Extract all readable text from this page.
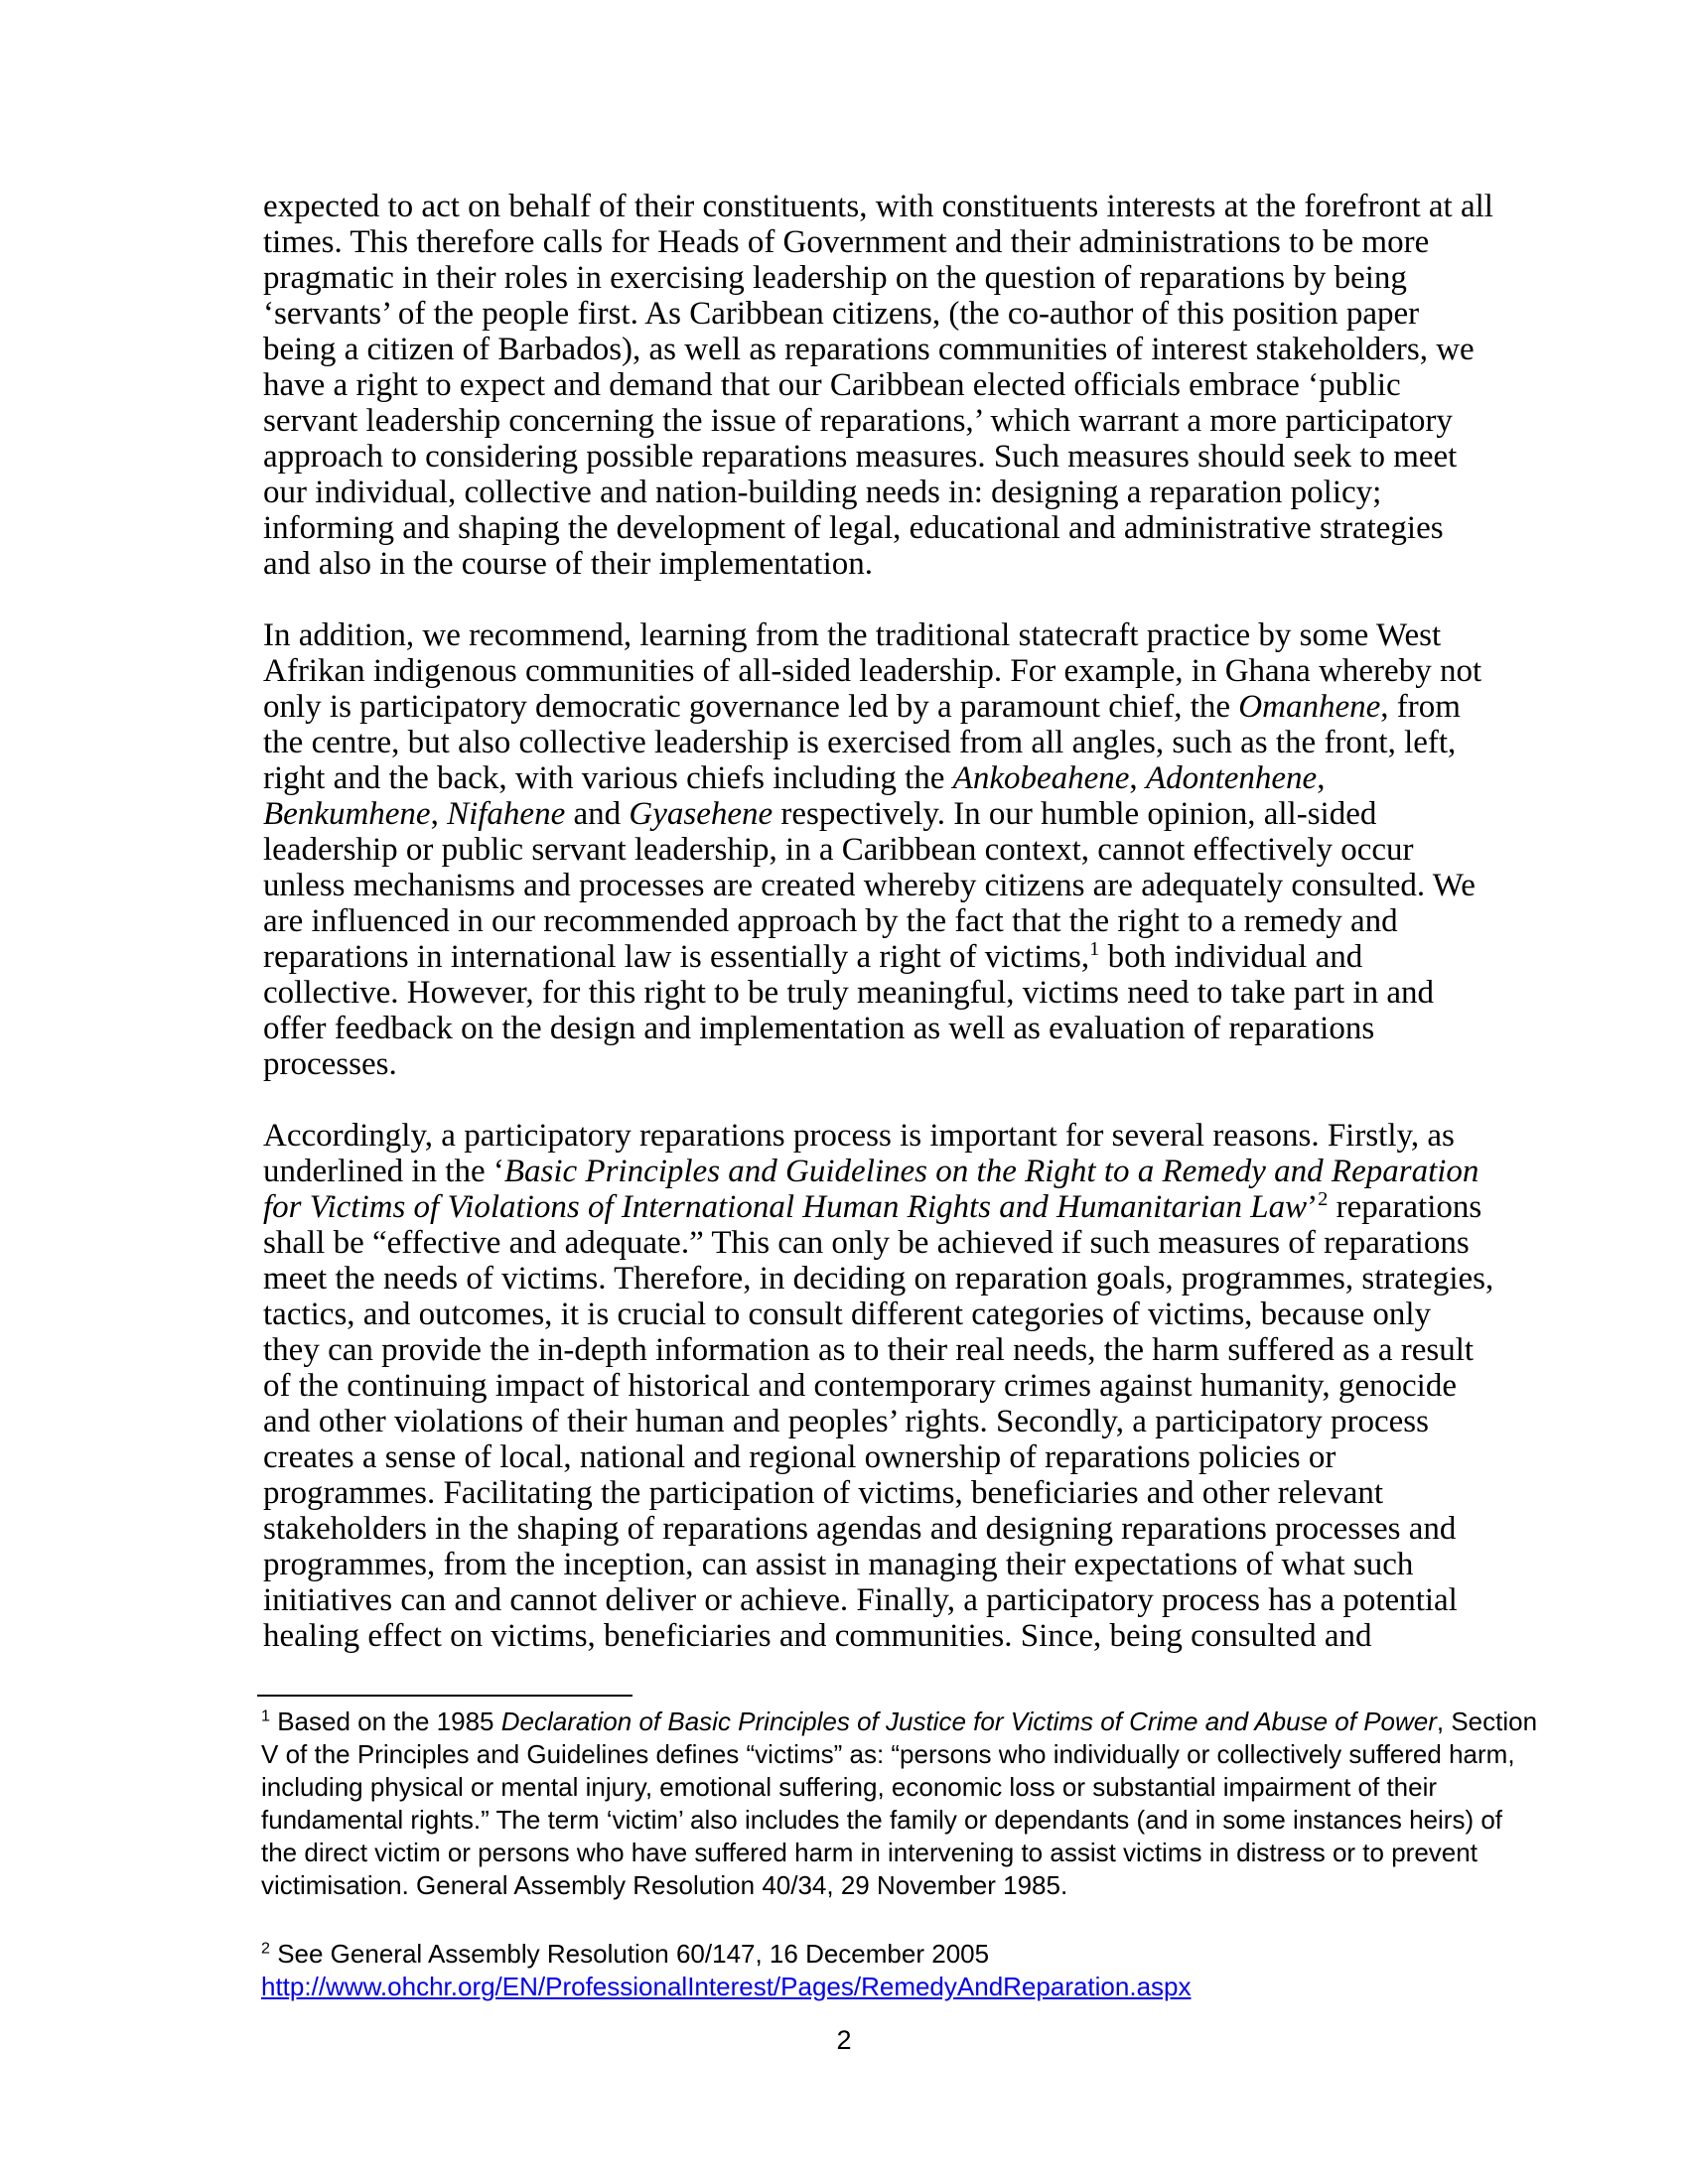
expected to act on behalf of their constituents, with constituents interests at the forefront at all
times. This therefore calls for Heads of Government and their administrations to be more
pragmatic in their roles in exercising leadership on the question of reparations by being
‘servants’ of the people first. As Caribbean citizens, (the co-author of this position paper
being a citizen of Barbados), as well as reparations communities of interest stakeholders, we
have a right to expect and demand that our Caribbean elected officials embrace ‘public
servant leadership concerning the issue of reparations,’ which warrant a more participatory
approach to considering possible reparations measures. Such measures should seek to meet
our individual, collective and nation-building needs in: designing a reparation policy;
informing and shaping the development of legal, educational and administrative strategies
and also in the course of their implementation.
In addition, we recommend, learning from the traditional statecraft practice by some West
Afrikan indigenous communities of all-sided leadership. For example, in Ghana whereby not
only is participatory democratic governance led by a paramount chief, the Omanhene, from
the centre, but also collective leadership is exercised from all angles, such as the front, left,
right and the back, with various chiefs including the Ankobeahene, Adontenhene,
Benkumhene, Nifahene and Gyasehene respectively. In our humble opinion, all-sided
leadership or public servant leadership, in a Caribbean context, cannot effectively occur
unless mechanisms and processes are created whereby citizens are adequately consulted. We
are influenced in our recommended approach by the fact that the right to a remedy and
reparations in international law is essentially a right of victims,$^1$ both individual and
collective. However, for this right to be truly meaningful, victims need to take part in and
offer feedback on the design and implementation as well as evaluation of reparations
processes.
Accordingly, a participatory reparations process is important for several reasons. Firstly, as
underlined in the ‘Basic Principles and Guidelines on the Right to a Remedy and Reparation
for Victims of Violations of International Human Rights and Humanitarian Law’$^2$ reparations
shall be “effective and adequate.” This can only be achieved if such measures of reparations
meet the needs of victims. Therefore, in deciding on reparation goals, programmes, strategies,
tactics, and outcomes, it is crucial to consult different categories of victims, because only
they can provide the in-depth information as to their real needs, the harm suffered as a result
of the continuing impact of historical and contemporary crimes against humanity, genocide
and other violations of their human and peoples’ rights. Secondly, a participatory process
creates a sense of local, national and regional ownership of reparations policies or
programmes. Facilitating the participation of victims, beneficiaries and other relevant
stakeholders in the shaping of reparations agendas and designing reparations processes and
programmes, from the inception, can assist in managing their expectations of what such
initiatives can and cannot deliver or achieve. Finally, a participatory process has a potential
healing effect on victims, beneficiaries and communities. Since, being consulted and
$^1$ Based on the 1985 Declaration of Basic Principles of Justice for Victims of Crime and Abuse of Power, Section
V of the Principles and Guidelines defines “victims” as: “persons who individually or collectively suffered harm,
including physical or mental injury, emotional suffering, economic loss or substantial impairment of their
fundamental rights.” The term ‘victim’ also includes the family or dependants (and in some instances heirs) of
the direct victim or persons who have suffered harm in intervening to assist victims in distress or to prevent
victimisation. General Assembly Resolution 40/34, 29 November 1985.
$^2$ See General Assembly Resolution 60/147, 16 December 2005
http://www.ohchr.org/EN/ProfessionalInterest/Pages/RemedyAndReparation.aspx
2
